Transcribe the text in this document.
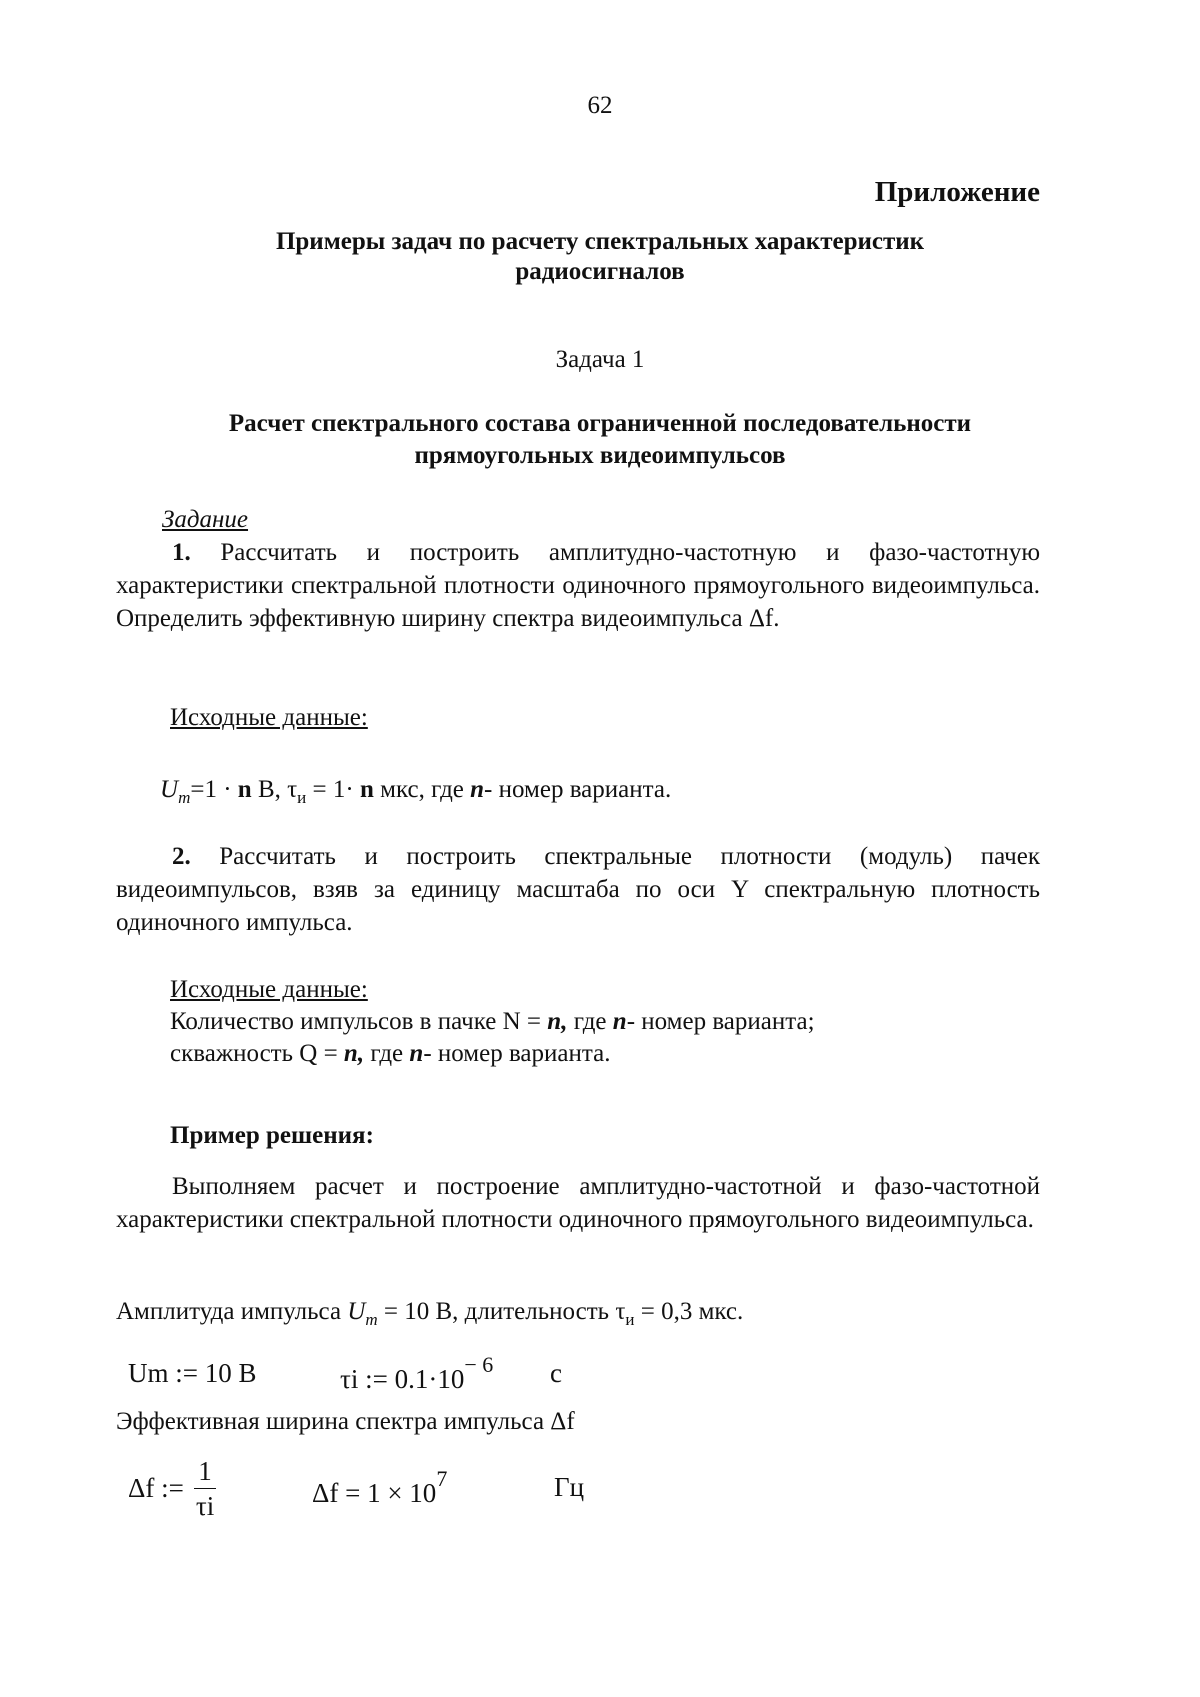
62
Приложение
Примеры задач по расчету спектральных характеристик
радиосигналов
Задача 1
Расчет спектрального состава ограниченной последовательности
прямоугольных видеоимпульсов
Задание
1. Рассчитать и построить амплитудно-частотную и фазо-частотную характеристики спектральной плотности одиночного прямоугольного видеоимпульса. Определить эффективную ширину спектра видеоимпульса Δf.
Исходные данные:
Um=1 · n В, τи = 1· n мкс, где n- номер варианта.
2. Рассчитать и построить спектральные плотности (модуль) пачек видеоимпульсов, взяв за единицу масштаба по оси Y спектральную плотность одиночного импульса.
Исходные данные:
Количество импульсов в пачке N = n, где n- номер варианта;
скважность Q = n, где n- номер варианта.
Пример решения:
Выполняем расчет и построение амплитудно-частотной и фазо-частотной характеристики спектральной плотности одиночного прямоугольного видеоимпульса.
Амплитуда импульса Um = 10 В, длительность τи = 0,3 мкс.
Um := 10 В	τi := 0.1·10− 6 с
Эффективная ширина спектра импульса Δf
Δf :=
1
τi	Δf = 1 × 107	Гц
